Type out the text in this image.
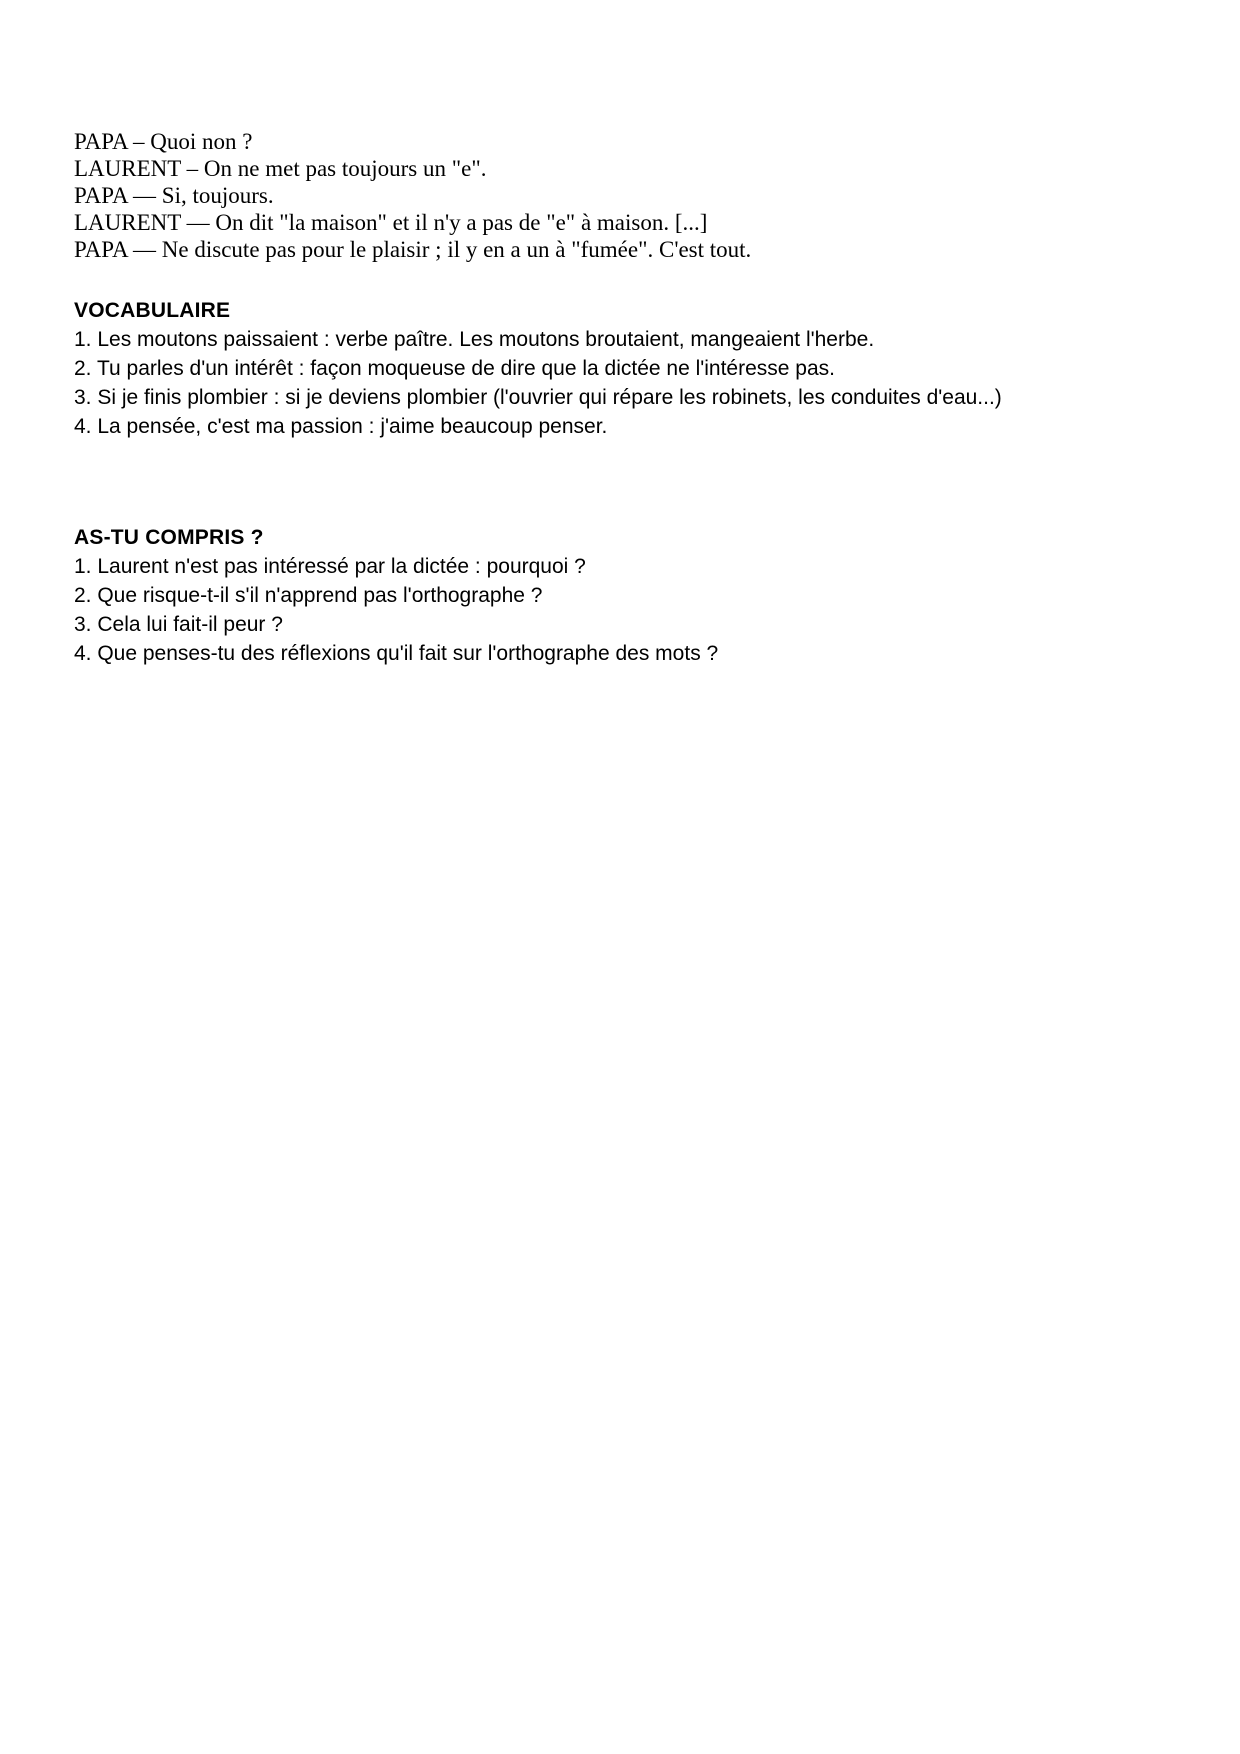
PAPA – Quoi non ?

LAURENT – On ne met pas toujours un "e".

PAPA — Si, toujours.

LAURENT — On dit "la maison" et il n'y a pas de "e" à maison. [...]

PAPA — Ne discute pas pour le plaisir ; il y en a un à "fumée". C'est tout.

VOCABULAIRE

1. Les moutons paissaient : verbe paître. Les moutons broutaient, mangeaient l'herbe.

2. Tu parles d'un intérêt : façon moqueuse de dire que la dictée ne l'intéresse pas.

3. Si je finis plombier : si je deviens plombier (l'ouvrier qui répare les robinets, les conduites d'eau...)

4. La pensée, c'est ma passion : j'aime beaucoup penser.

AS-TU COMPRIS ?

1. Laurent n'est pas intéressé par la dictée : pourquoi ?

2. Que risque-t-il s'il n'apprend pas l'orthographe ?

3. Cela lui fait-il peur ?

4. Que penses-tu des réflexions qu'il fait sur l'orthographe des mots ?
